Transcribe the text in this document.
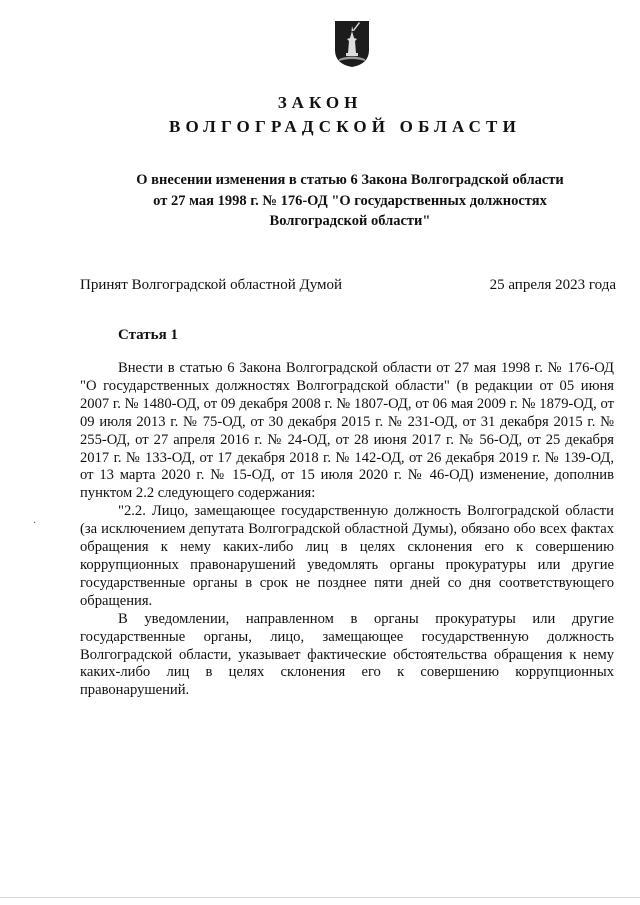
ЗАКОН
ВОЛГОГРАДСКОЙ ОБЛАСТИ
О внесении изменения в статью 6 Закона Волгоградской области
от 27 мая 1998 г. № 176-ОД "О государственных должностях
Волгоградской области"
Принят Волгоградской областной Думой	25 апреля 2023 года
Статья 1

Внести в статью 6 Закона Волгоградской области от 27 мая 1998 г. № 176-ОД "О государственных должностях Волгоградской области" (в редакции от 05 июня 2007 г. № 1480-ОД, от 09 декабря 2008 г. № 1807-ОД, от 06 мая 2009 г. № 1879-ОД, от 09 июля 2013 г. № 75-ОД, от 30 декабря 2015 г. № 231-ОД, от 31 декабря 2015 г. № 255-ОД, от 27 апреля 2016 г. № 24-ОД, от 28 июня 2017 г. № 56-ОД, от 25 декабря 2017 г. № 133-ОД, от 17 декабря 2018 г. № 142-ОД, от 26 декабря 2019 г. № 139-ОД, от 13 марта 2020 г. № 15-ОД, от 15 июля 2020 г. № 46-ОД) изменение, дополнив пунктом 2.2 следующего содержания:

"2.2. Лицо, замещающее государственную должность Волгоградской области (за исключением депутата Волгоградской областной Думы), обязано обо всех фактах обращения к нему каких-либо лиц в целях склонения его к совершению коррупционных правонарушений уведомлять органы прокуратуры или другие государственные органы в срок не позднее пяти дней со дня соответствующего обращения.

В уведомлении, направленном в органы прокуратуры или другие государственные органы, лицо, замещающее государственную должность Волгоградской области, указывает фактические обстоятельства обращения к нему каких-либо лиц в целях склонения его к совершению коррупционных правонарушений.

·
